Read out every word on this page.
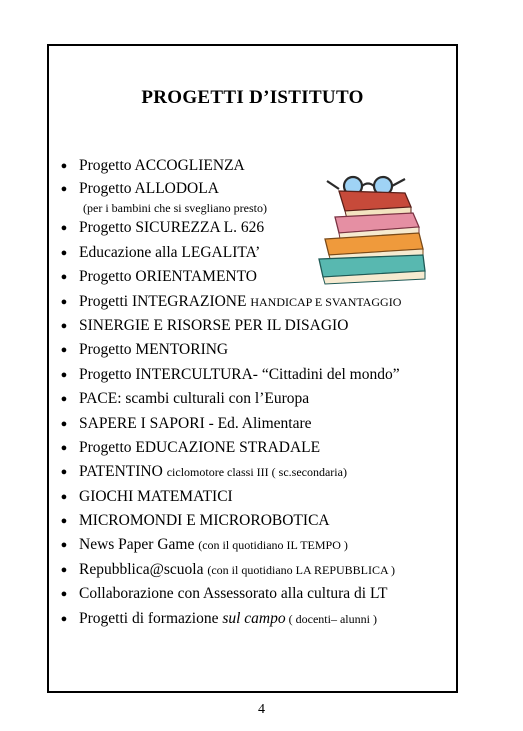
PROGETTI D’ISTITUTO
● Progetto ACCOGLIENZA
● Progetto ALLODOLA
(per i bambini che si svegliano presto)
● Progetto SICUREZZA L. 626
● Educazione alla LEGALITA’
● Progetto ORIENTAMENTO
● Progetti INTEGRAZIONE HANDICAP E SVANTAGGIO
● SINERGIE E RISORSE PER IL DISAGIO
● Progetto MENTORING
● Progetto INTERCULTURA- “Cittadini del mondo”
● PACE: scambi culturali con l’Europa
● SAPERE I SAPORI - Ed. Alimentare
● Progetto EDUCAZIONE STRADALE
● PATENTINO ciclomotore classi III ( sc.secondaria)
● GIOCHI MATEMATICI
● MICROMONDI E MICROROBOTICA
● News Paper Game (con il quotidiano IL TEMPO )
● Repubblica@scuola (con il quotidiano LA REPUBBLICA )
● Collaborazione con Assessorato alla cultura di LT
● Progetti di formazione sul campo ( docenti– alunni )
4
